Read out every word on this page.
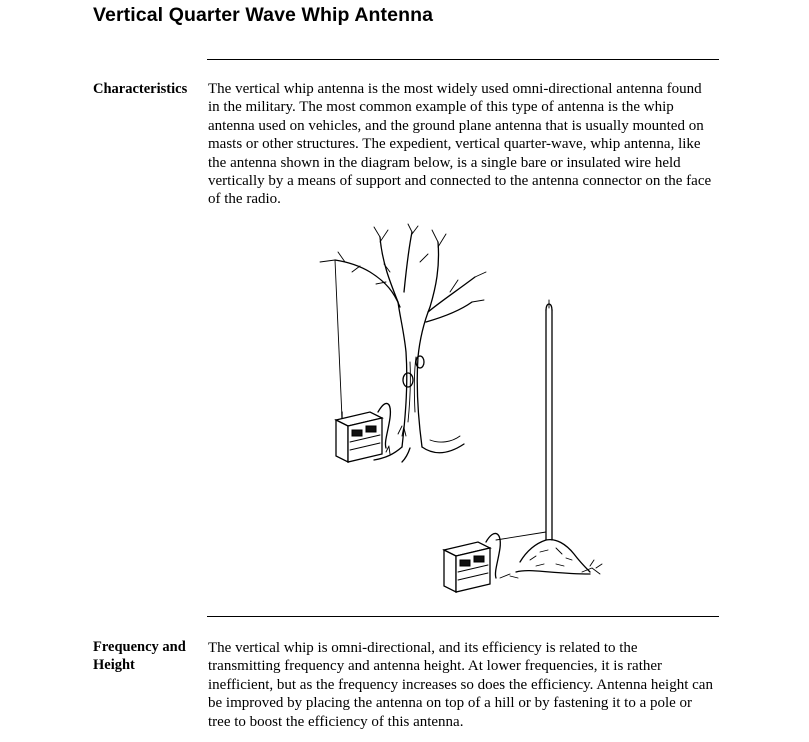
Vertical Quarter Wave Whip Antenna

Characteristics The vertical whip antenna is the most widely used omni-directional antenna found in the military. The most common example of this type of antenna is the whip antenna used on vehicles, and the ground plane antenna that is usually mounted on masts or other structures. The expedient, vertical quarter-wave, whip antenna, like the antenna shown in the diagram below, is a single bare or insulated wire held vertically by a means of support and connected to the antenna connector on the face of the radio.

Frequency and
Height

The vertical whip is omni-directional, and its efficiency is related to the transmitting frequency and antenna height. At lower frequencies, it is rather inefficient, but as the frequency increases so does the efficiency. Antenna height can be improved by placing the antenna on top of a hill or by fastening it to a pole or tree to boost the efficiency of this antenna.
